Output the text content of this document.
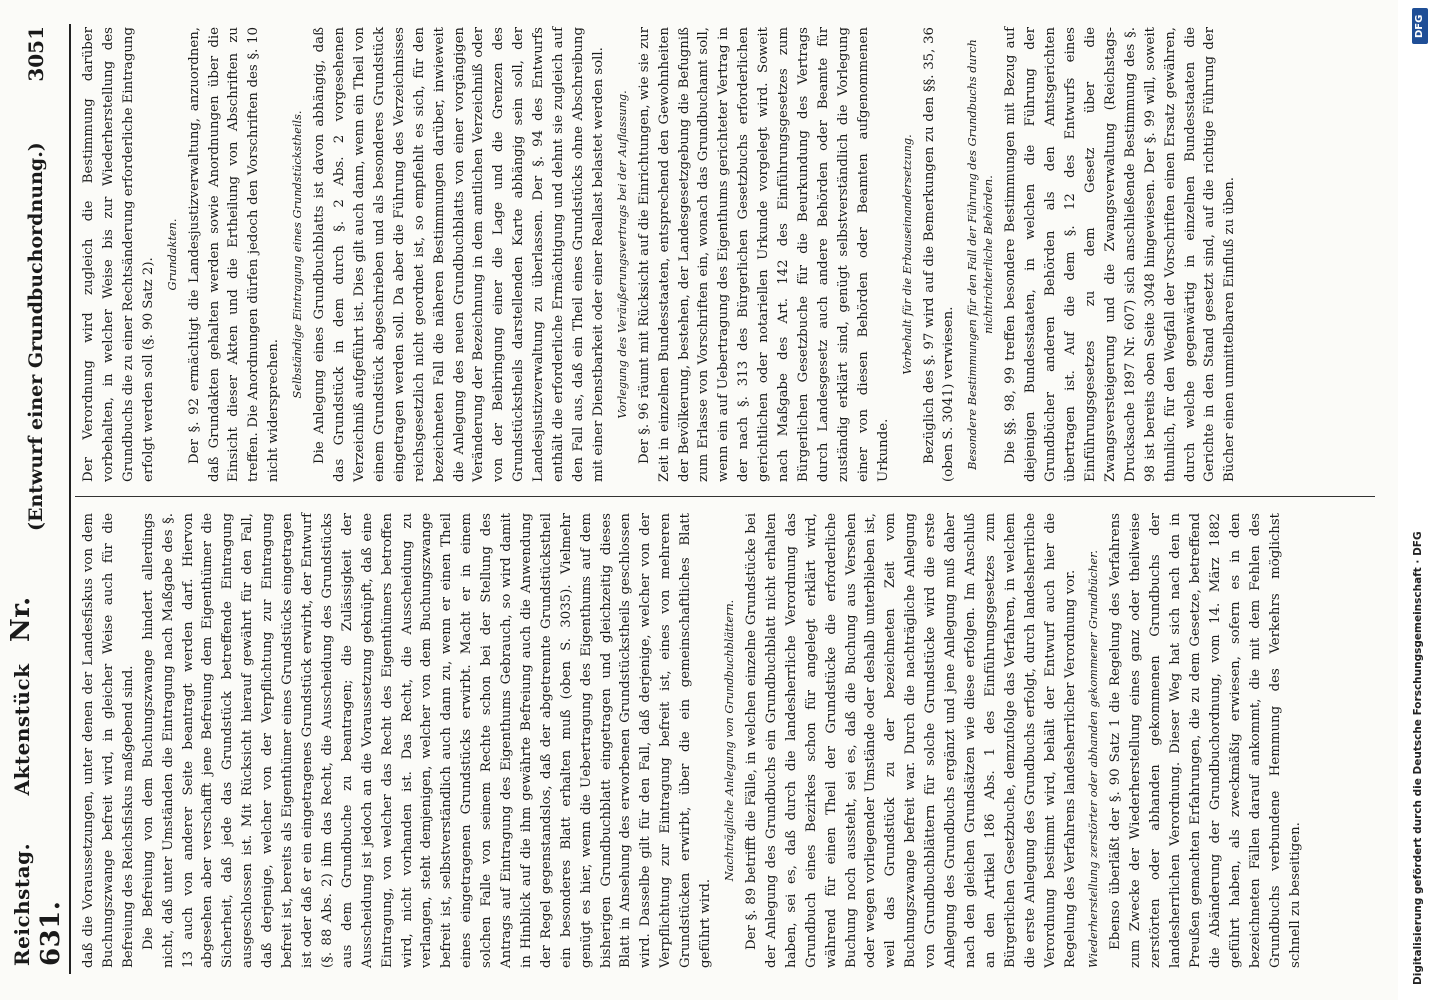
Reichstag. Aktenstück Nr. 631.
(Entwurf einer Grundbuchordnung.)
3051

daß die Voraussetzungen, unter denen der Landesfiskus von dem Buchungszwange befreit wird, in gleicher Weise auch für die Befreiung des Reichsfiskus maßgebend sind. Die Befreiung von dem Buchungszwange hindert allerdings nicht, daß unter Umständen die Eintragung nach Maßgabe des §. 13 auch von anderer Seite beantragt werden darf. Hiervon abgesehen aber verschafft jene Befreiung dem Eigenthümer die Sicherheit, daß jede das Grundstück betreffende Eintragung ausgeschlossen ist. Mit Rücksicht hierauf gewährt für den Fall, daß derjenige, welcher von der Verpflichtung zur Eintragung befreit ist, bereits als Eigenthümer eines Grundstücks eingetragen ist oder daß er ein eingetragenes Grundstück erwirbt, der Entwurf (§. 88 Abs. 2) ihm das Recht, die Ausscheidung des Grundstücks aus dem Grundbuche zu beantragen; die Zulässigkeit der Ausscheidung ist jedoch an die Voraussetzung geknüpft, daß eine Eintragung, von welcher das Recht des Eigenthümers betroffen wird, nicht vorhanden ist. Das Recht, die Ausscheidung zu verlangen, steht demjenigen, welcher von dem Buchungszwange befreit ist, selbstverständlich auch dann zu, wenn er einen Theil eines eingetragenen Grundstücks erwirbt. Macht er in einem solchen Falle von seinem Rechte schon bei der Stellung des Antrags auf Eintragung des Eigenthums Gebrauch, so wird damit in Hinblick auf die ihm gewährte Befreiung auch die Anwendung der Regel gegenstandslos, daß der abgetrennte Grundstückstheil ein besonderes Blatt erhalten muß (oben S. 3035). Vielmehr genügt es hier, wenn die Uebertragung des Eigenthums auf dem bisherigen Grundbuchblatt eingetragen und gleichzeitig dieses Blatt in Ansehung des erworbenen Grundstückstheils geschlossen wird. Dasselbe gilt für den Fall, daß derjenige, welcher von der Verpflichtung zur Eintragung befreit ist, eines von mehreren Grundstücken erwirbt, über die ein gemeinschaftliches Blatt geführt wird.

Nachträgliche Anlegung von Grundbuchblättern. Der §. 89 betrifft die Fälle, in welchen einzelne Grundstücke bei der Anlegung des Grundbuchs ein Grundbuchblatt nicht erhalten haben, sei es, daß durch die landesherrliche Verordnung das Grundbuch eines Bezirkes schon für angelegt erklärt wird, während für einen Theil der Grundstücke die erforderliche Buchung noch aussteht, sei es, daß die Buchung aus Versehen oder wegen vorliegender Umstände oder deshalb unterblieben ist, weil das Grundstück zu der bezeichneten Zeit vom Buchungszwange befreit war. Durch die nachträgliche Anlegung von Grundbuchblättern für solche Grundstücke wird die erste Anlegung des Grundbuchs ergänzt und jene Anlegung muß daher nach den gleichen Grundsätzen wie diese erfolgen. Im Anschluß an den Artikel 186 Abs. 1 des Einführungsgesetzes zum Bürgerlichen Gesetzbuche, demzufolge das Verfahren, in welchem die erste Anlegung des Grundbuchs erfolgt, durch landesherrliche Verordnung bestimmt wird, behält der Entwurf auch hier die Regelung des Verfahrens landesherrlicher Verordnung vor. Wiederherstellung zerstörter oder abhanden gekommener Grundbücher. Ebenso überläßt der §. 90 Satz 1 die Regelung des Verfahrens zum Zwecke der Wiederherstellung eines ganz oder theilweise zerstörten oder abhanden gekommenen Grundbuchs der landesherrlichen Verordnung. Dieser Weg hat sich nach den in Preußen gemachten Erfahrungen, die zu dem Gesetze, betreffend die Abänderung der Grundbuchordnung, vom 14. März 1882 geführt haben, als zweckmäßig erwiesen, sofern es in den bezeichneten Fällen darauf ankommt, die mit dem Fehlen des Grundbuchs verbundene Hemmung des Verkehrs möglichst schnell zu beseitigen.

Der Verordnung wird zugleich die Bestimmung darüber vorbehalten, in welcher Weise bis zur Wiederherstellung des Grundbuchs die zu einer Rechtsänderung erforderliche Eintragung erfolgt werden soll (§. 90 Satz 2).

Grundakten. Der §. 92 ermächtigt die Landesjustizverwaltung, anzuordnen, daß Grundakten gehalten werden sowie Anordnungen über die Einsicht dieser Akten und die Ertheilung von Abschriften zu treffen. Die Anordnungen dürfen jedoch den Vorschriften des §. 10 nicht widersprechen.

Selbständige Eintragung eines Grundstückstheils. Die Anlegung eines Grundbuchblatts ist davon abhängig, daß das Grundstück in dem durch §. 2 Abs. 2 vorgesehenen Verzeichniß aufgeführt ist. Dies gilt auch dann, wenn ein Theil von einem Grundstück abgeschrieben und als besonderes Grundstück eingetragen werden soll. Da aber die Führung des Verzeichnisses reichsgesetzlich nicht geordnet ist, so empfiehlt es sich, für den bezeichneten Fall die näheren Bestimmungen darüber, inwieweit die Anlegung des neuen Grundbuchblatts von einer vorgängigen Veränderung der Bezeichnung in dem amtlichen Verzeichniß oder von der Beibringung einer die Lage und die Grenzen des Grundstückstheils darstellenden Karte abhängig sein soll, der Landesjustizverwaltung zu überlassen. Der §. 94 des Entwurfs enthält die erforderliche Ermächtigung und dehnt sie zugleich auf den Fall aus, daß ein Theil eines Grundstücks ohne Abschreibung mit einer Dienstbarkeit oder einer Reallast belastet werden soll. Vorlegung des Veräußerungsvertrags bei der Auflassung. Der §. 96 räumt mit Rücksicht auf die Einrichtungen, wie sie zur Zeit in einzelnen Bundesstaaten, entsprechend den Gewohnheiten der Bevölkerung, bestehen, der Landesgesetzgebung die Befugniß zum Erlasse von Vorschriften ein, wonach das Grundbuchamt soll, wenn ein auf Uebertragung des Eigenthums gerichteter Vertrag in der nach §. 313 des Bürgerlichen Gesetzbuchs erforderlichen gerichtlichen oder notariellen Urkunde vorgelegt wird. Soweit nach Maßgabe des Art. 142 des Einführungsgesetzes zum Bürgerlichen Gesetzbuche für die Beurkundung des Vertrags durch Landesgesetz auch andere Behörden oder Beamte für zuständig erklärt sind, genügt selbstverständlich die Vorlegung einer von diesen Behörden oder Beamten aufgenommenen Urkunde.

Vorbehalt für die Erbauseinandersetzung. Bezüglich des §. 97 wird auf die Bemerkungen zu den §§. 35, 36 (oben S. 3041) verwiesen. Besondere Bestimmungen für den Fall der Führung des Grundbuchs durch nichtrichterliche Behörden. Die §§. 98, 99 treffen besondere Bestimmungen mit Bezug auf diejenigen Bundesstaaten, in welchen die Führung der Grundbücher anderen Behörden als den Amtsgerichten übertragen ist. Auf die dem §. 12 des Entwurfs eines Einführungsgesetzes zu dem Gesetz über die Zwangsversteigerung und die Zwangsverwaltung (Reichstags-Drucksache 1897 Nr. 607) sich anschließende Bestimmung des §. 98 ist bereits oben Seite 3048 hingewiesen. Der §. 99 will, soweit thunlich, für den Wegfall der Vorschriften einen Ersatz gewähren, durch welche gegenwärtig in einzelnen Bundesstaaten die Gerichte in den Stand gesetzt sind, auf die richtige Führung der Bücher einen unmittelbaren Einfluß zu üben.

Digitalisierung gefördert durch die Deutsche Forschungsgemeinschaft · DFG
DFG
